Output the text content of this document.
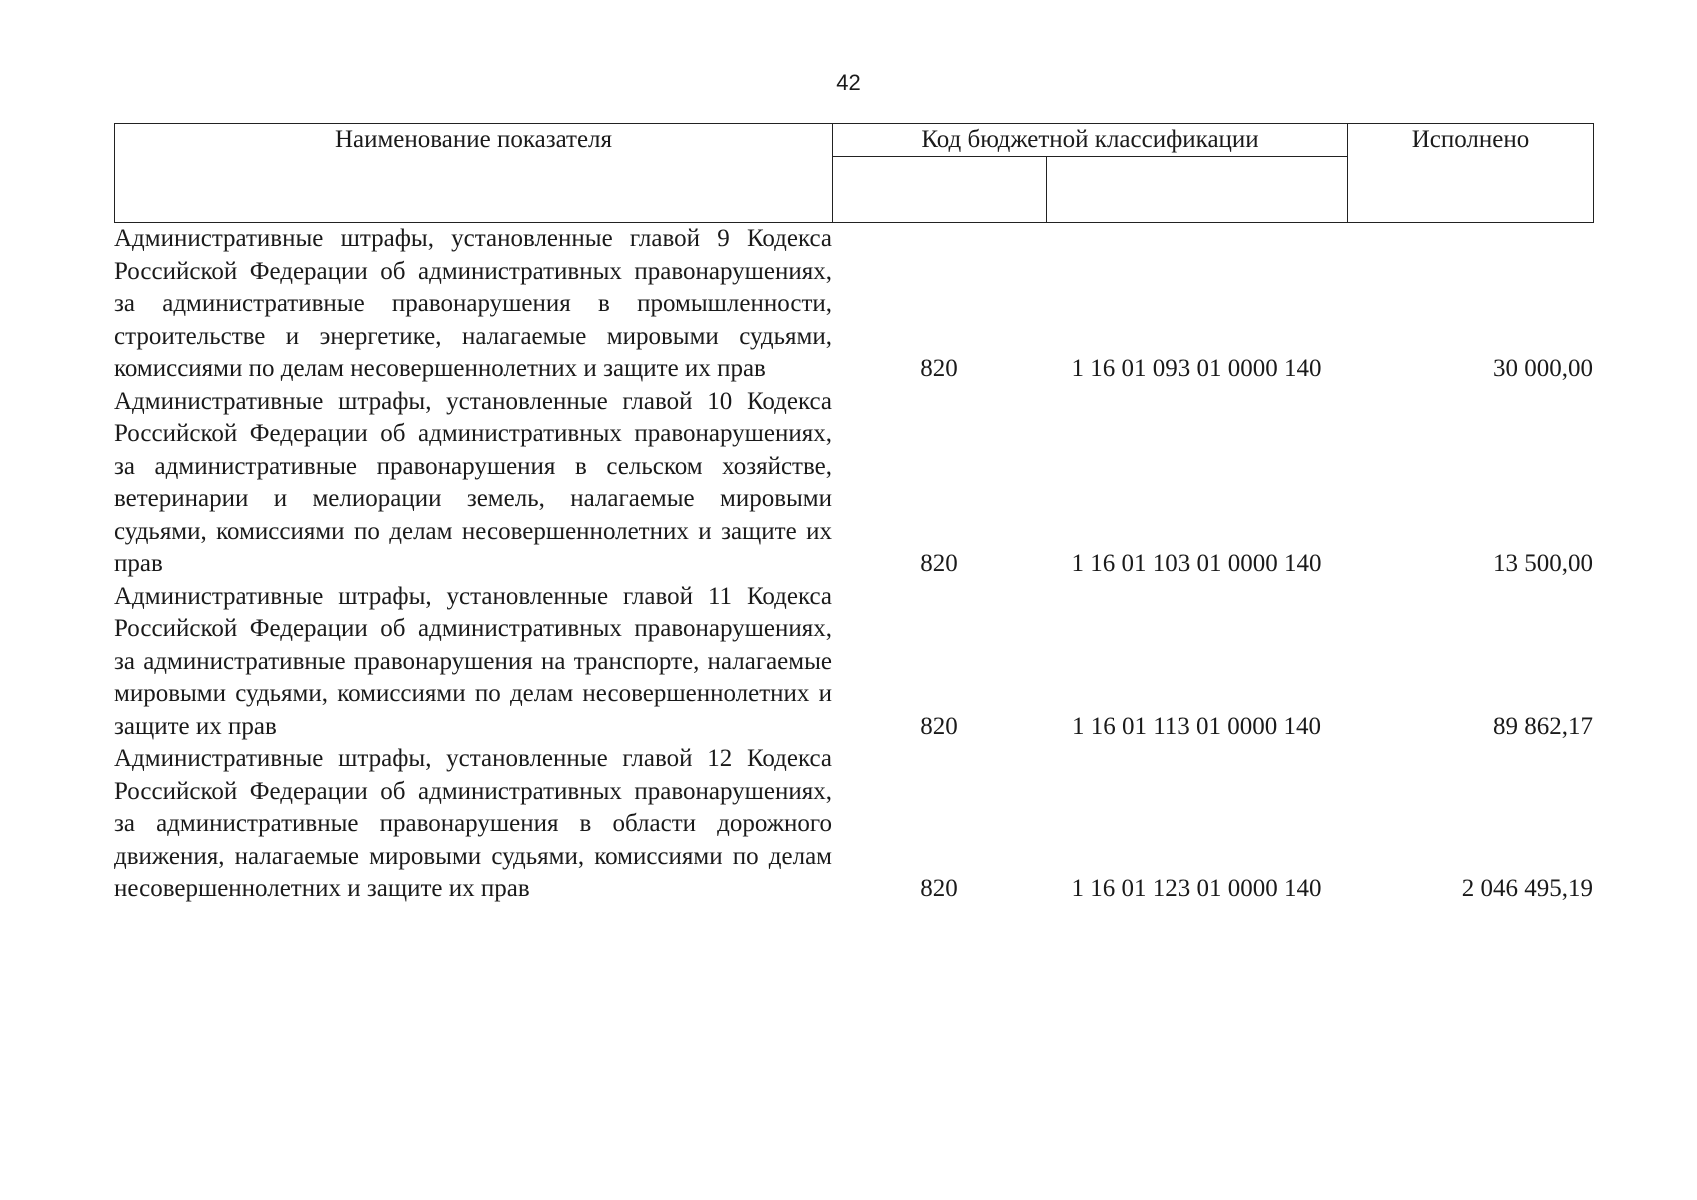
42
Наименование показателя	Код бюджетной классификации		Исполнено

Административные штрафы, установленные главой 9 Кодекса Российской Федерации об административных правонарушениях, за административные правонарушения в промышленности, строительстве и энергетике, налагаемые мировыми судьями, комиссиями по делам несовершеннолетних и защите их прав	820	1 16 01 093 01 0000 140	30 000,00
Административные штрафы, установленные главой 10 Кодекса Российской Федерации об административных правонарушениях, за административные правонарушения в сельском хозяйстве, ветеринарии и мелиорации земель, налагаемые мировыми судьями, комиссиями по делам несовершеннолетних и защите их прав	820	1 16 01 103 01 0000 140	13 500,00
Административные штрафы, установленные главой 11 Кодекса Российской Федерации об административных правонарушениях, за административные правонарушения на транспорте, налагаемые мировыми судьями, комиссиями по делам несовершеннолетних и защите их прав	820	1 16 01 113 01 0000 140	89 862,17
Административные штрафы, установленные главой 12 Кодекса Российской Федерации об административных правонарушениях, за административные правонарушения в области дорожного движения, налагаемые мировыми судьями, комиссиями по делам несовершеннолетних и защите их прав	820	1 16 01 123 01 0000 140	2 046 495,19
